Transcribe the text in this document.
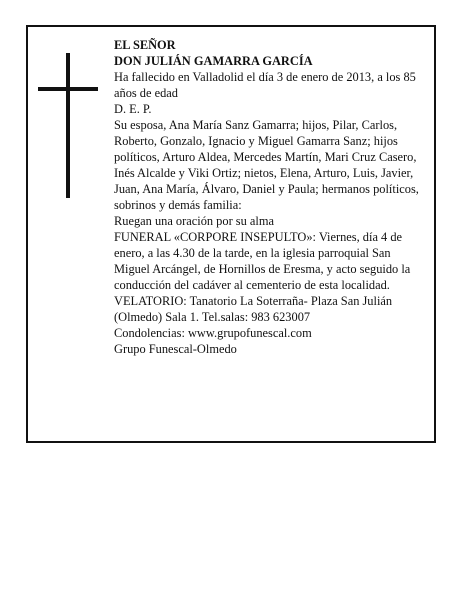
EL SEÑOR

DON JULIÁN GAMARRA GARCÍA

Ha fallecido en Valladolid el día 3 de enero de 2013, a los 85 años de edad

D. E. P.

Su esposa, Ana María Sanz Gamarra; hijos, Pilar, Carlos, Roberto, Gonzalo, Ignacio y Miguel Gamarra Sanz; hijos políticos, Arturo Aldea, Mercedes Martín, Mari Cruz Casero, Inés Alcalde y Viki Ortiz; nietos, Elena, Arturo, Luis, Javier, Juan, Ana María, Álvaro, Daniel y Paula; hermanos políticos, sobrinos y demás familia:

Ruegan una oración por su alma

FUNERAL «CORPORE INSEPULTO»: Viernes, día 4 de enero, a las 4.30 de la tarde, en la iglesia parroquial San Miguel Arcángel, de Hornillos de Eresma, y acto seguido la conducción del cadáver al cementerio de esta localidad. VELATORIO: Tanatorio La Soterraña- Plaza San Julián (Olmedo) Sala 1. Tel.salas: 983 623007

Condolencias: www.grupofunescal.com

Grupo Funescal-Olmedo
